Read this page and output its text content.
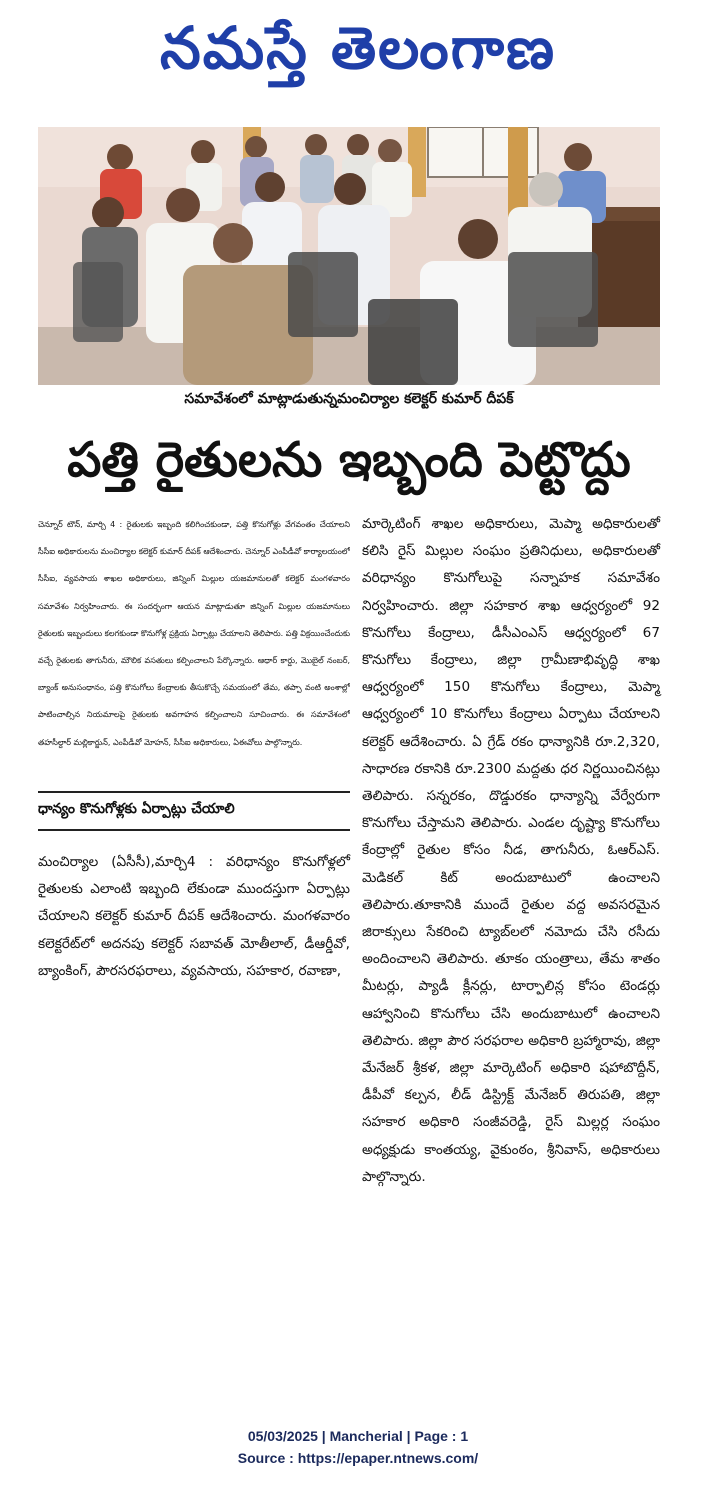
నమస్తే తెలంగాణ
సమావేశంలో మాట్లాడుతున్నమంచిర్యాల కలెక్టర్ కుమార్ దీపక్
పత్తి రైతులను ఇబ్బంది పెట్టొద్దు

చెన్నూర్ టౌన్, మార్చి 4 : రైతులకు ఇబ్బంది కలిగించకుండా, పత్తి కొనుగోళ్లు వేగవంతం చేయాలని సీసీఐ అధికారులను మంచిర్యాల కలెక్టర్ కుమార్ దీపక్ ఆదేశించారు. చెన్నూర్ ఎంపీడీవో కార్యాలయంలో సీసీఐ, వ్యవసాయ శాఖల అధికారులు, జిన్నింగ్ మిల్లుల యజమానులతో కలెక్టర్ మంగళవారం సమావేశం నిర్వహించారు. ఈ సందర్భంగా ఆయన మాట్లాడుతూ జిన్నింగ్ మిల్లుల యజమానులు రైతులకు ఇబ్బందులు కలగకుండా కొనుగోళ్ల ప్రక్రియ ఏర్పాట్లు చేయాలని తెలిపారు. పత్తి విక్రయించేందుకు వచ్చే రైతులకు తాగునీరు, మౌలిక వసతులు కల్పించాలని పేర్కొన్నారు. ఆధార్ కార్డు, మొబైల్ నంబర్, బ్యాంక్ అనుసంధానం, పత్తి కొనుగోలు కేంద్రాలకు తీసుకొచ్చే సమయంలో తేమ, తప్పా వంటి అంశాల్లో పాటించాల్సిన నియమాలపై రైతులకు అవగాహన కల్పించాలని సూచించారు. ఈ సమావేశంలో తహసీల్దార్ మల్లికార్జున్, ఎంపీడీవో మోహన్, సీసీఐ అధికారులు, ఏఈవోలు పాల్గొన్నారు.

ధాన్యం కొనుగోళ్లకు ఏర్పాట్లు చేయాలి

మంచిర్యాల (ఏసీసీ),మార్చి4 : వరిధాన్యం కొనుగోళ్లలో రైతులకు ఎలాంటి ఇబ్బంది లేకుండా ముందస్తుగా ఏర్పాట్లు చేయాలని కలెక్టర్ కుమార్ దీపక్ ఆదేశించారు. మంగళవారం కలెక్టరేట్‌లో అదనపు కలెక్టర్ సబావత్ మోతీలాల్, డీఆర్డీవో, బ్యాంకింగ్, పౌరసరఫరాలు, వ్యవసాయ, సహకార, రవాణా,

మార్కెటింగ్ శాఖల అధికారులు, మెప్మా అధికారులతో కలిసి రైస్ మిల్లుల సంఘం ప్రతినిధులు, అధికారులతో వరిధాన్యం కొనుగోలుపై సన్నాహక సమావేశం నిర్వహించారు. జిల్లా సహకార శాఖ ఆధ్వర్యంలో 92 కొనుగోలు కేంద్రాలు, డీసీఎంఎస్ ఆధ్వర్యంలో 67 కొనుగోలు కేంద్రాలు, జిల్లా గ్రామీణాభివృద్ధి శాఖ ఆధ్వర్యంలో 150 కొనుగోలు కేంద్రాలు, మెప్మా ఆధ్వర్యంలో 10 కొనుగోలు కేంద్రాలు ఏర్పాటు చేయాలని కలెక్టర్ ఆదేశించారు. ఏ గ్రేడ్ రకం ధాన్యానికి రూ.2,320, సాధారణ రకానికి రూ.2300 మద్దతు ధర నిర్ణయించినట్లు తెలిపారు. సన్నరకం, దొడ్డురకం ధాన్యాన్ని వేర్వేరుగా కొనుగోలు చేస్తామని తెలిపారు. ఎండల దృష్ట్యా కొనుగోలు కేంద్రాల్లో రైతుల కోసం నీడ, తాగునీరు, ఓఆర్ఎస్. మెడికల్ కిట్ అందుబాటులో ఉంచాలని తెలిపారు.తూకానికి ముందే రైతుల వద్ద అవసరమైన జిరాక్సులు సేకరించి ట్యాబ్‌లలో నమోదు చేసి రసీదు అందించాలని తెలిపారు. తూకం యంత్రాలు, తేమ శాతం మీటర్లు, ప్యాడీ క్లీనర్లు, టార్పాలిన్ల కోసం టెండర్లు ఆహ్వానించి కొనుగోలు చేసి అందుబాటులో ఉంచాలని తెలిపారు. జిల్లా పౌర సరఫరాల అధికారి బ్రహ్మారావు, జిల్లా మేనేజర్ శ్రీకళ, జిల్లా మార్కెటింగ్ అధికారి షహాబొద్దీన్, డీపీవో కల్పన, లీడ్ డిస్ట్రిక్ట్ మేనేజర్ తిరుపతి, జిల్లా సహకార అధికారి సంజీవరెడ్డి, రైస్ మిల్లర్ల సంఘం అధ్యక్షుడు కాంతయ్య, వైకుంఠం, శ్రీనివాస్, అధికారులు పాల్గొన్నారు.

05/03/2025 | Mancherial | Page : 1
Source : https://epaper.ntnews.com/
